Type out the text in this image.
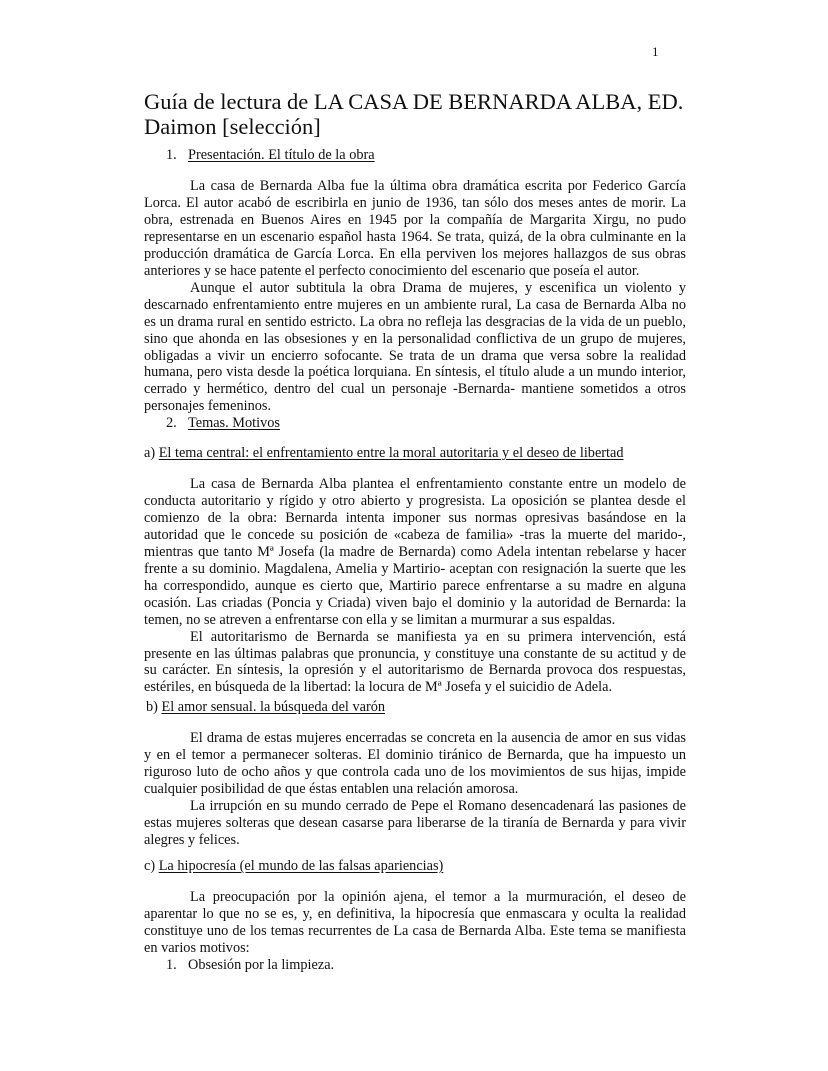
1
Guía de lectura de LA CASA DE BERNARDA ALBA, ED. Daimon [selección]
1. Presentación. El título de la obra

La casa de Bernarda Alba fue la última obra dramática escrita por Federico García Lorca. El autor acabó de escribirla en junio de 1936, tan sólo dos meses antes de morir. La obra, estrenada en Buenos Aires en 1945 por la compañía de Margarita Xirgu, no pudo representarse en un escenario español hasta 1964. Se trata, quizá, de la obra culminante en la producción dramática de García Lorca. En ella perviven los mejores hallazgos de sus obras anteriores y se hace patente el perfecto conocimiento del escenario que poseía el autor.

Aunque el autor subtitula la obra Drama de mujeres, y escenifica un violento y descarnado enfrentamiento entre mujeres en un ambiente rural, La casa de Bernarda Alba no es un drama rural en sentido estricto. La obra no refleja las desgracias de la vida de un pueblo, sino que ahonda en las obsesiones y en la personalidad conflictiva de un grupo de mujeres, obligadas a vivir un encierro sofocante. Se trata de un drama que versa sobre la realidad humana, pero vista desde la poética lorquiana. En síntesis, el título alude a un mundo interior, cerrado y hermético, dentro del cual un personaje -Bernarda- mantiene sometidos a otros personajes femeninos.

2. Temas. Motivos
a) El tema central: el enfrentamiento entre la moral autoritaria y el deseo de libertad

La casa de Bernarda Alba plantea el enfrentamiento constante entre un modelo de conducta autoritario y rígido y otro abierto y progresista. La oposición se plantea desde el comienzo de la obra: Bernarda intenta imponer sus normas opresivas basándose en la autoridad que le concede su posición de «cabeza de familia» -tras la muerte del marido-, mientras que tanto Mª Josefa (la madre de Bernarda) como Adela intentan rebelarse y hacer frente a su dominio. Magdalena, Amelia y Martirio- aceptan con resignación la suerte que les ha correspondido, aunque es cierto que, Martirio parece enfrentarse a su madre en alguna ocasión. Las criadas (Poncia y Criada) viven bajo el dominio y la autoridad de Bernarda: la temen, no se atreven a enfrentarse con ella y se limitan a murmurar a sus espaldas.

El autoritarismo de Bernarda se manifiesta ya en su primera intervención, está presente en las últimas palabras que pronuncia, y constituye una constante de su actitud y de su carácter. En síntesis, la opresión y el autoritarismo de Bernarda provoca dos respuestas, estériles, en búsqueda de la libertad: la locura de Mª Josefa y el suicidio de Adela.

b) El amor sensual. la búsqueda del varón

El drama de estas mujeres encerradas se concreta en la ausencia de amor en sus vidas y en el temor a permanecer solteras. El dominio tiránico de Bernarda, que ha impuesto un riguroso luto de ocho años y que controla cada uno de los movimientos de sus hijas, impide cualquier posibilidad de que éstas entablen una relación amorosa.

La irrupción en su mundo cerrado de Pepe el Romano desencadenará las pasiones de estas mujeres solteras que desean casarse para liberarse de la tiranía de Bernarda y para vivir alegres y felices.

c) La hipocresía (el mundo de las falsas apariencias)

La preocupación por la opinión ajena, el temor a la murmuración, el deseo de aparentar lo que no se es, y, en definitiva, la hipocresía que enmascara y oculta la realidad constituye uno de los temas recurrentes de La casa de Bernarda Alba. Este tema se manifiesta en varios motivos:

1. Obsesión por la limpieza.
